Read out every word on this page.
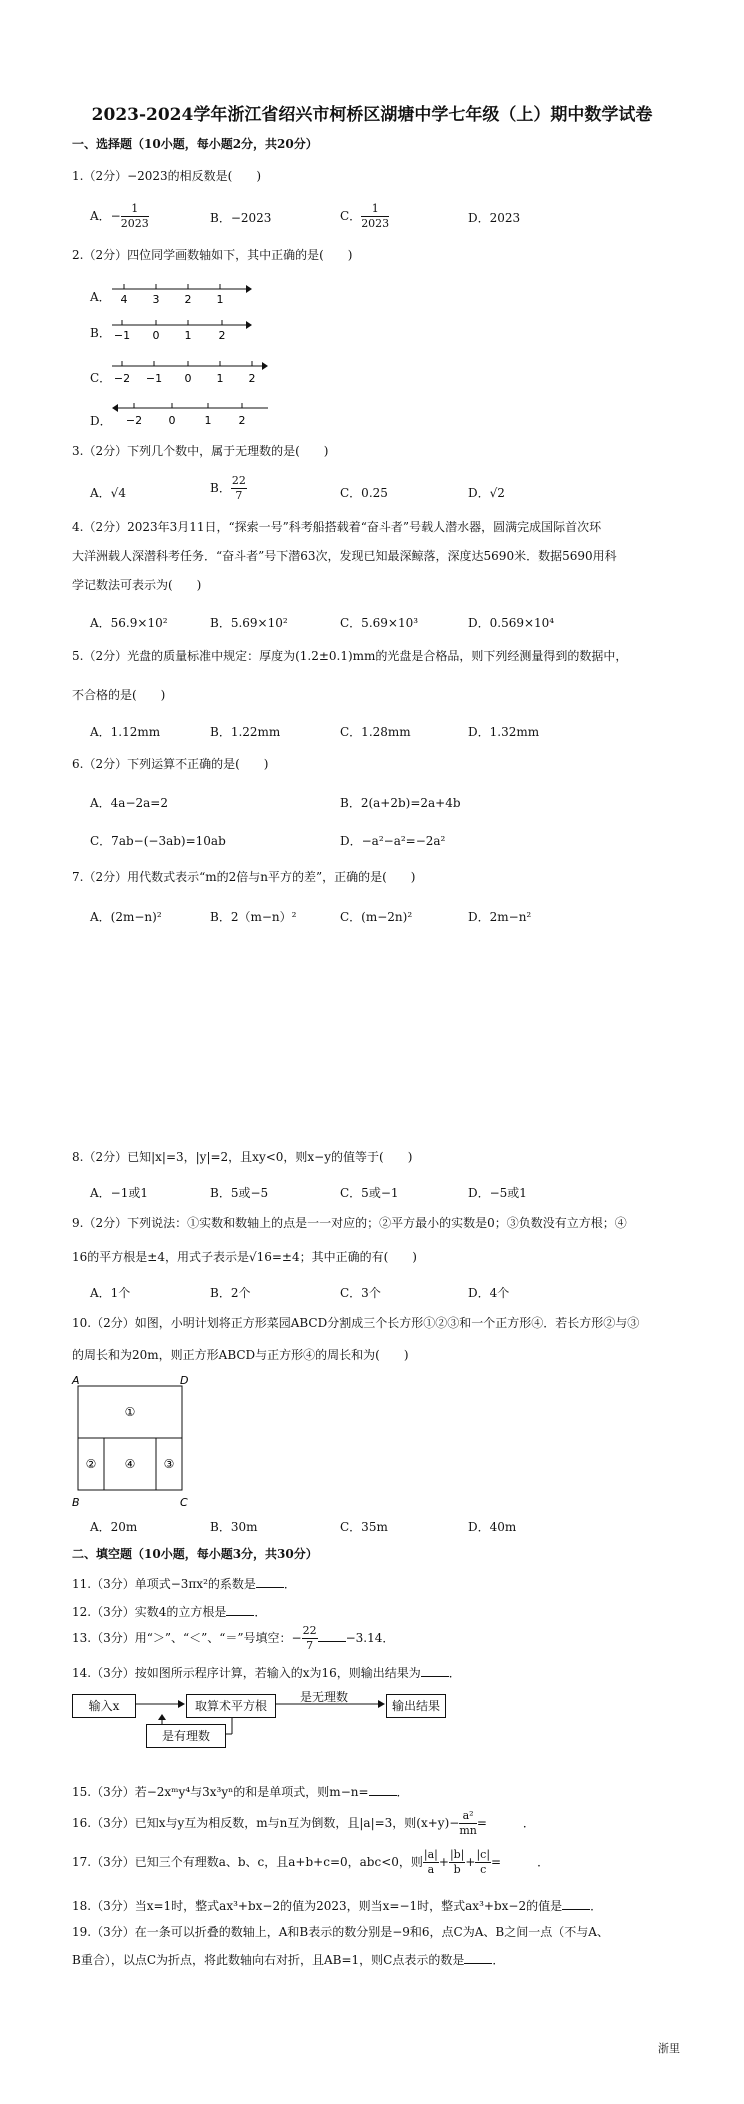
2023-2024学年浙江省绍兴市柯桥区湖塘中学七年级（上）期中数学试卷
一、选择题（10小题，每小题2分，共20分）
1.（2分）−2023的相反数是(　　)
A．− $\frac{1}{2023}$	B．−2023	C． $\frac{1}{2023}$	D．2023
2.（2分）四位同学画数轴如下，其中正确的是(　　)
A． 4 3 2 1
B． −1 0 1 2
C． −2 −1 0 1 2
D． −2 0	1 2
3.（2分）下列几个数中，属于无理数的是(　　)
A．√4	B． $\frac{22}{7}$	C．0.25	D．√2
4.（2分）2023年3月11日，“探索一号”科考船搭载着“奋斗者”号载人潜水器，圆满完成国际首次环
大洋洲载人深潜科考任务．“奋斗者”号下潜63次，发现已知最深鲸落，深度达5690米．数据5690用科
学记数法可表示为(　　)
A．56.9×10²	B．5.69×10²	C．5.69×10³	D．0.569×10⁴
5.（2分）光盘的质量标准中规定：厚度为(1.2±0.1)mm的光盘是合格品，则下列经测量得到的数据中，
不合格的是(　　)
A．1.12mm	B．1.22mm	C．1.28mm	D．1.32mm
6.（2分）下列运算不正确的是(　　)
A．4a−2a=2	B．2(a+2b)=2a+4b
C．7ab−(−3ab)=10ab	D．−a²−a²=−2a²
7.（2分）用代数式表示“m的2倍与n平方的差”，正确的是(　　)
A．(2m−n)²	B．2（m−n）²	C．(m−2n)²	D．2m−n²
8.（2分）已知|x|=3，|y|=2，且xy<0，则x−y的值等于(　　)
A．−1或1	B．5或−5	C．5或−1	D．−5或1
9.（2分）下列说法：①实数和数轴上的点是一一对应的；②平方最小的实数是0；③负数没有立方根；④
16的平方根是±4，用式子表示是√16=±4；其中正确的有(　　)
A．1个	B．2个	C．3个	D．4个
10.（2分）如图，小明计划将正方形菜园ABCD分割成三个长方形①②③和一个正方形④．若长方形②与③
的周长和为20m，则正方形ABCD与正方形④的周长和为(　　)
A	D
B	C
①
② ④ ③
A．20m	B．30m	C．35m	D．40m
二、填空题（10小题，每小题3分，共30分）
11.（3分）单项式−3πx²的系数是 ．
12.（3分）实数4的立方根是 ．
13.（3分）用“＞”、“＜”、“＝”号填空：− $\frac{22}{7} -3.14$．
14.（3分）按如图所示程序计算，若输入的x为16，则输出结果为 ．
输入x	取算术平方根
是无理数
输出结果
是有理数
15.（3分）若−2xᵐy⁴与3x³yⁿ的和是单项式，则m−n= ．
16.（3分）已知x与y互为相反数，m与n互为倒数，且|a|=3，则$(x+y)- \frac{\text{a²}}{mn}$ =　　　．
17.（3分）已知三个有理数a、b、c，且a+b+c=0，abc<0，则 $\frac{|a|}{a} + \frac{|b|}{b} + \frac{|c|}{c}$ =　　　．
18.（3分）当x=1时，整式ax³+bx−2的值为2023，则当x=−1时，整式ax³+bx−2的值是 ．
19.（3分）在一条可以折叠的数轴上，A和B表示的数分别是−9和6，点C为A、B之间一点（不与A、
B重合），以点C为折点，将此数轴向右对折，且AB=1，则C点表示的数是 ．
浙里
